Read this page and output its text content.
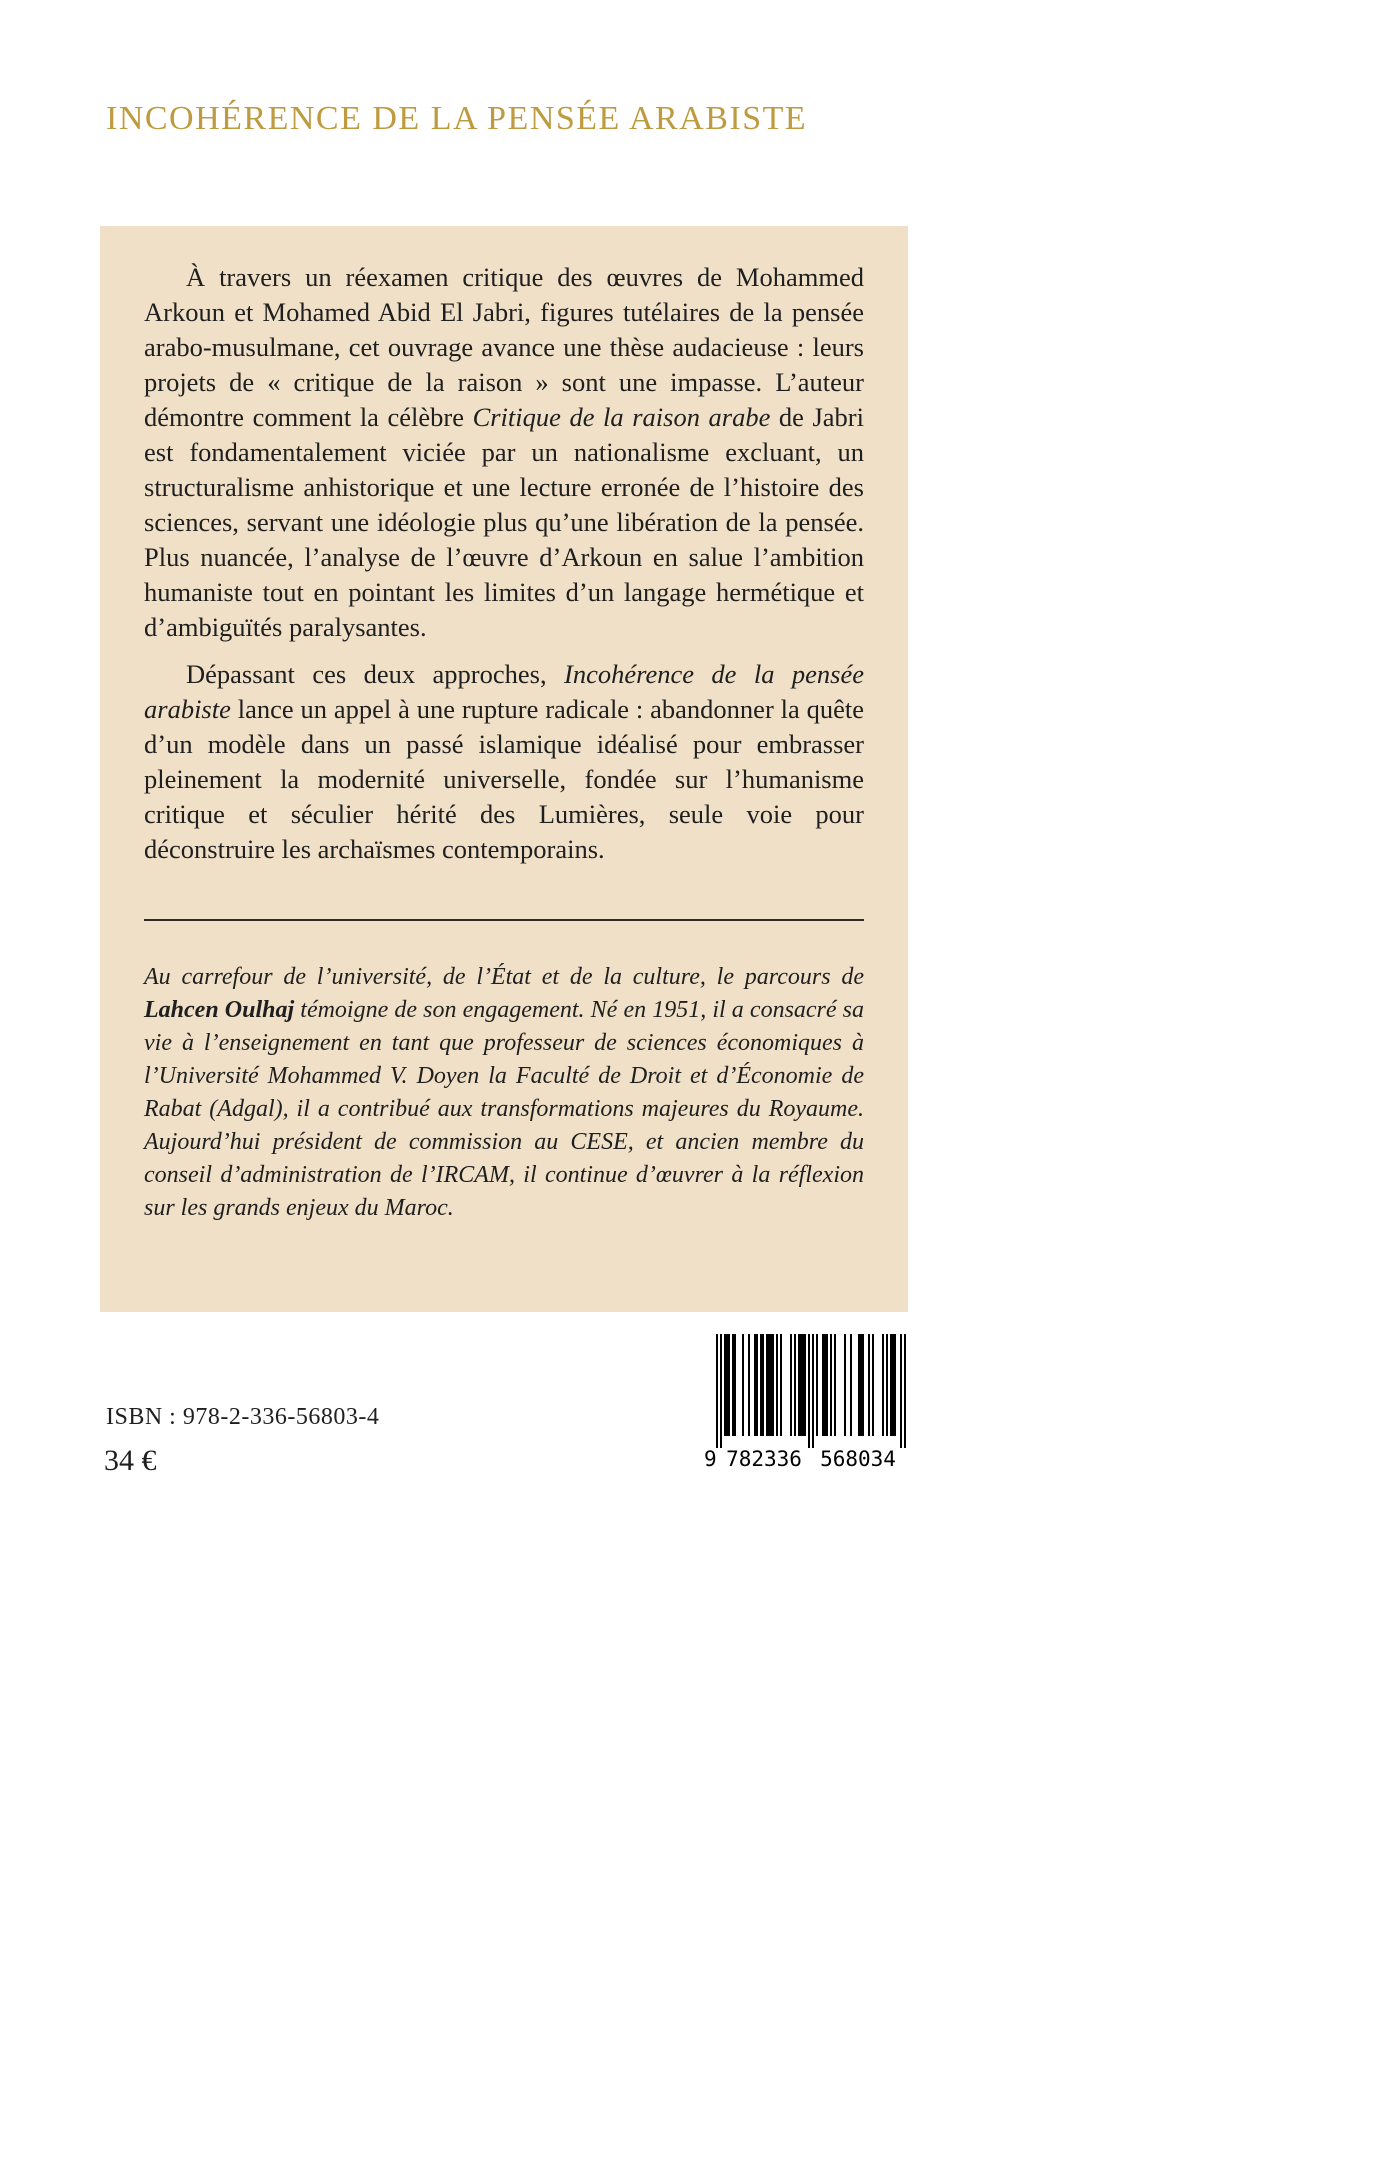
INCOHÉRENCE DE LA PENSÉE ARABISTE

À travers un réexamen critique des œuvres de Mohammed Arkoun et Mohamed Abid El Jabri, figures tutélaires de la pensée arabo-musulmane, cet ouvrage avance une thèse audacieuse : leurs projets de « critique de la raison » sont une impasse. L’auteur démontre comment la célèbre Critique de la raison arabe de Jabri est fondamentalement viciée par un nationalisme excluant, un structuralisme anhistorique et une lecture erronée de l’histoire des sciences, servant une idéologie plus qu’une libération de la pensée. Plus nuancée, l’analyse de l’œuvre d’Arkoun en salue l’ambition humaniste tout en pointant les limites d’un langage hermétique et d’ambiguïtés paralysantes.

Dépassant ces deux approches, Incohérence de la pensée arabiste lance un appel à une rupture radicale : abandonner la quête d’un modèle dans un passé islamique idéalisé pour embrasser pleinement la modernité universelle, fondée sur l’humanisme critique et séculier hérité des Lumières, seule voie pour déconstruire les archaïsmes contemporains.

Au carrefour de l’université, de l’État et de la culture, le parcours de Lahcen Oulhaj témoigne de son engagement. Né en 1951, il a consacré sa vie à l’enseignement en tant que professeur de sciences économiques à l’Université Mohammed V. Doyen la Faculté de Droit et d’Économie de Rabat (Adgal), il a contribué aux transformations majeures du Royaume. Aujourd’hui président de commission au CESE, et ancien membre du conseil d’administration de l’IRCAM, il continue d’œuvrer à la réflexion sur les grands enjeux du Maroc.

ISBN : 978-2-336-56803-4
34 €	9 782336 568034
